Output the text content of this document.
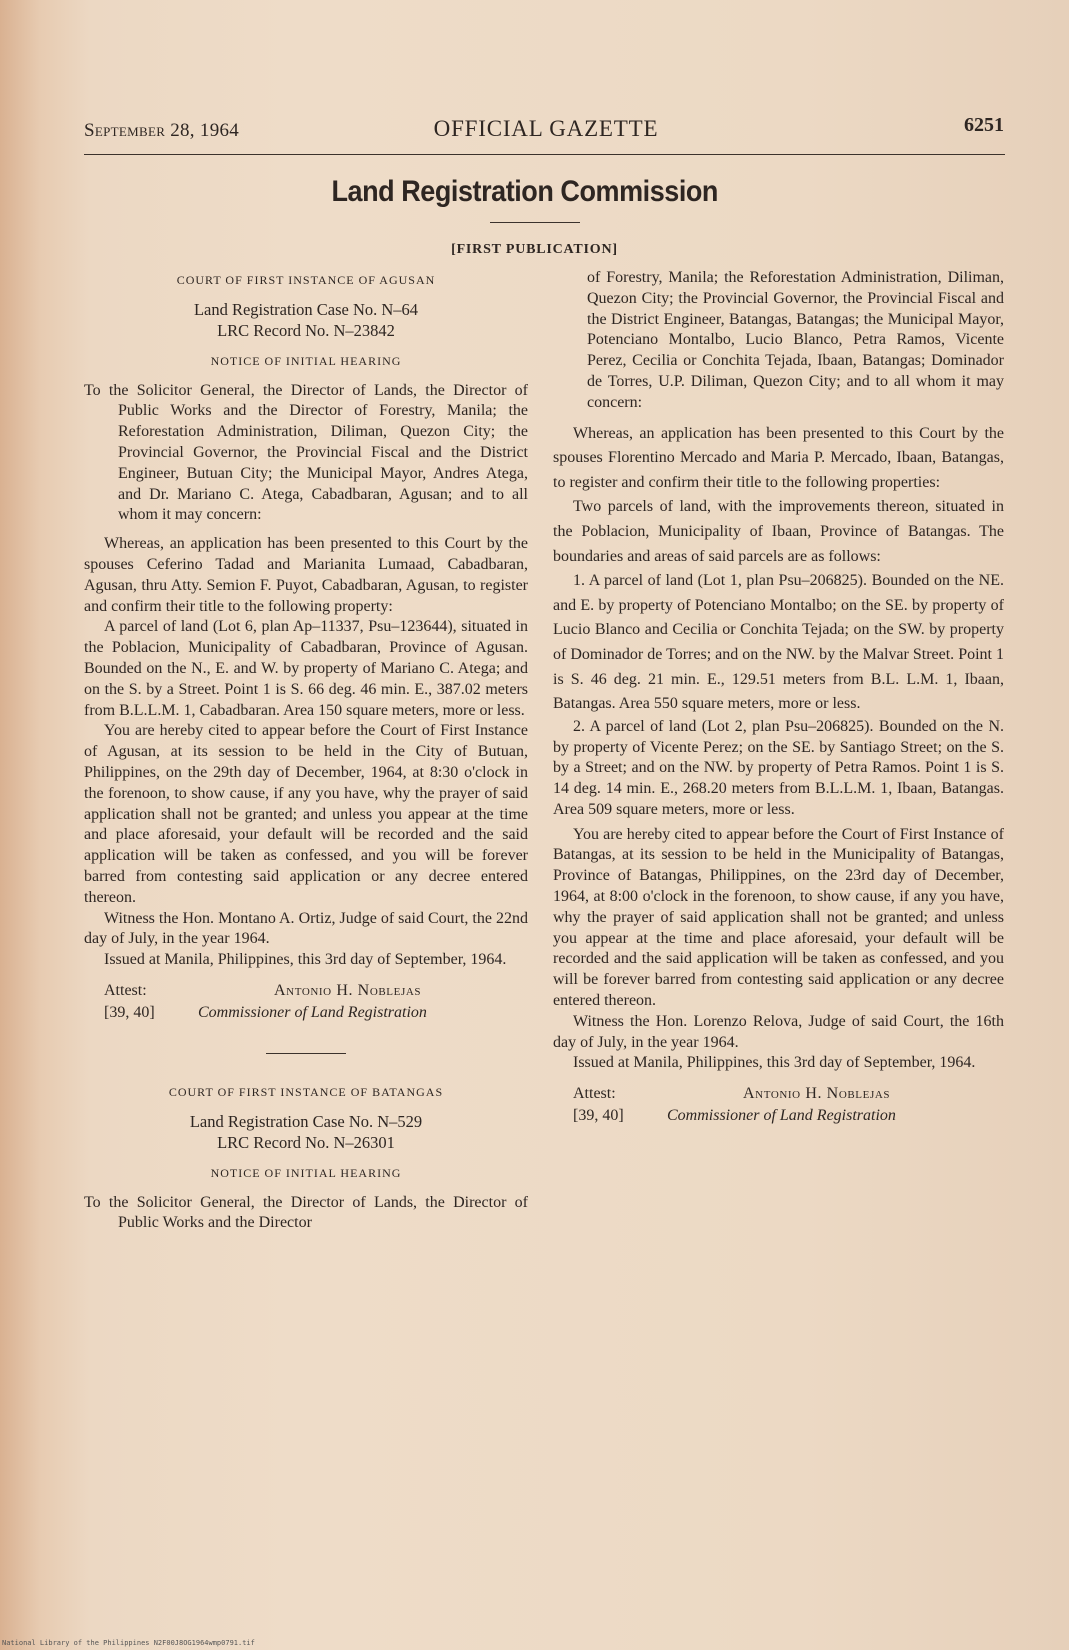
September 28, 1964	OFFICIAL GAZETTE	6251
Land Registration Commission
[FIRST PUBLICATION]
COURT OF FIRST INSTANCE OF AGUSAN
Land Registration Case No. N–64
LRC Record No. N–23842
NOTICE OF INITIAL HEARING

To the Solicitor General, the Director of Lands, the Director of Public Works and the Director of Forestry, Manila; the Reforestation Administration, Diliman, Quezon City; the Provincial Governor, the Provincial Fiscal and the District Engineer, Butuan City; the Municipal Mayor, Andres Atega, and Dr. Mariano C. Atega, Cabadbaran, Agusan; and to all whom it may concern:

Whereas, an application has been presented to this Court by the spouses Ceferino Tadad and Marianita Lumaad, Cabadbaran, Agusan, thru Atty. Semion F. Puyot, Cabadbaran, Agusan, to register and confirm their title to the following property:

A parcel of land (Lot 6, plan Ap–11337, Psu–123644), situated in the Poblacion, Municipality of Cabadbaran, Province of Agusan. Bounded on the N., E. and W. by property of Mariano C. Atega; and on the S. by a Street. Point 1 is S. 66 deg. 46 min. E., 387.02 meters from B.L.L.M. 1, Cabadbaran. Area 150 square meters, more or less.

You are hereby cited to appear before the Court of First Instance of Agusan, at its session to be held in the City of Butuan, Philippines, on the 29th day of December, 1964, at 8:30 o'clock in the forenoon, to show cause, if any you have, why the prayer of said application shall not be granted; and unless you appear at the time and place aforesaid, your default will be recorded and the said application will be taken as confessed, and you will be forever barred from contesting said application or any decree entered thereon.

Witness the Hon. Montano A. Ortiz, Judge of said Court, the 22nd day of July, in the year 1964.

Issued at Manila, Philippines, this 3rd day of September, 1964.

Attest:
[39, 40]
Antonio H. Noblejas
Commissioner of Land Registration
COURT OF FIRST INSTANCE OF BATANGAS
Land Registration Case No. N–529
LRC Record No. N–26301
NOTICE OF INITIAL HEARING

To the Solicitor General, the Director of Lands, the Director of Public Works and the Director

of Forestry, Manila; the Reforestation Administration, Diliman, Quezon City; the Provincial Governor, the Provincial Fiscal and the District Engineer, Batangas, Batangas; the Municipal Mayor, Potenciano Montalbo, Lucio Blanco, Petra Ramos, Vicente Perez, Cecilia or Conchita Tejada, Ibaan, Batangas; Dominador de Torres, U.P. Diliman, Quezon City; and to all whom it may concern:

Whereas, an application has been presented to this Court by the spouses Florentino Mercado and Maria P. Mercado, Ibaan, Batangas, to register and confirm their title to the following properties:

Two parcels of land, with the improvements thereon, situated in the Poblacion, Municipality of Ibaan, Province of Batangas. The boundaries and areas of said parcels are as follows:

1. A parcel of land (Lot 1, plan Psu–206825). Bounded on the NE. and E. by property of Potenciano Montalbo; on the SE. by property of Lucio Blanco and Cecilia or Conchita Tejada; on the SW. by property of Dominador de Torres; and on the NW. by the Malvar Street. Point 1 is S. 46 deg. 21 min. E., 129.51 meters from B.L. L.M. 1, Ibaan, Batangas. Area 550 square meters, more or less.

2. A parcel of land (Lot 2, plan Psu–206825). Bounded on the N. by property of Vicente Perez; on the SE. by Santiago Street; on the S. by a Street; and on the NW. by property of Petra Ramos. Point 1 is S. 14 deg. 14 min. E., 268.20 meters from B.L.L.M. 1, Ibaan, Batangas. Area 509 square meters, more or less.

You are hereby cited to appear before the Court of First Instance of Batangas, at its session to be held in the Municipality of Batangas, Province of Batangas, Philippines, on the 23rd day of December, 1964, at 8:00 o'clock in the forenoon, to show cause, if any you have, why the prayer of said application shall not be granted; and unless you appear at the time and place aforesaid, your default will be recorded and the said application will be taken as confessed, and you will be forever barred from contesting said application or any decree entered thereon.

Witness the Hon. Lorenzo Relova, Judge of said Court, the 16th day of July, in the year 1964.

Issued at Manila, Philippines, this 3rd day of September, 1964.

Attest:
[39, 40]
Antonio H. Noblejas
Commissioner of Land Registration
National Library of the Philippines N2F00J8OG1964wmp0791.tif
